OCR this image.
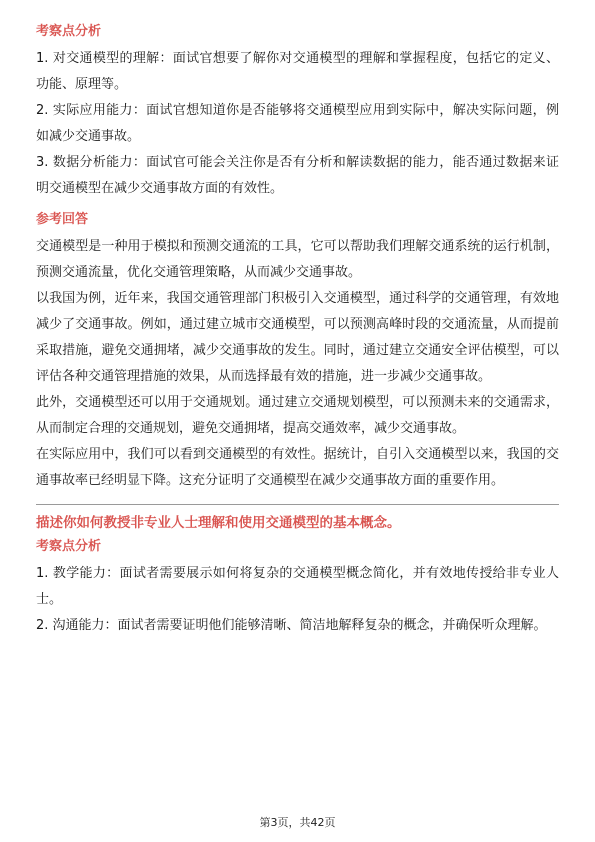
考察点分析

1. 对交通模型的理解：面试官想要了解你对交通模型的理解和掌握程度，包括它的定义、功能、原理等。

2. 实际应用能力：面试官想知道你是否能够将交通模型应用到实际中，解决实际问题，例如减少交通事故。

3. 数据分析能力：面试官可能会关注你是否有分析和解读数据的能力，能否通过数据来证明交通模型在减少交通事故方面的有效性。

参考回答

交通模型是一种用于模拟和预测交通流的工具，它可以帮助我们理解交通系统的运行机制，预测交通流量，优化交通管理策略，从而减少交通事故。

以我国为例，近年来，我国交通管理部门积极引入交通模型，通过科学的交通管理，有效地减少了交通事故。例如，通过建立城市交通模型，可以预测高峰时段的交通流量，从而提前采取措施，避免交通拥堵，减少交通事故的发生。同时，通过建立交通安全评估模型，可以评估各种交通管理措施的效果，从而选择最有效的措施，进一步减少交通事故。

此外，交通模型还可以用于交通规划。通过建立交通规划模型，可以预测未来的交通需求，从而制定合理的交通规划，避免交通拥堵，提高交通效率，减少交通事故。

在实际应用中，我们可以看到交通模型的有效性。据统计，自引入交通模型以来，我国的交通事故率已经明显下降。这充分证明了交通模型在减少交通事故方面的重要作用。

描述你如何教授非专业人士理解和使用交通模型的基本概念。
考察点分析

1. 教学能力：面试者需要展示如何将复杂的交通模型概念简化，并有效地传授给非专业人士。

2. 沟通能力：面试者需要证明他们能够清晰、简洁地解释复杂的概念，并确保听众理解。

第3页，共42页
